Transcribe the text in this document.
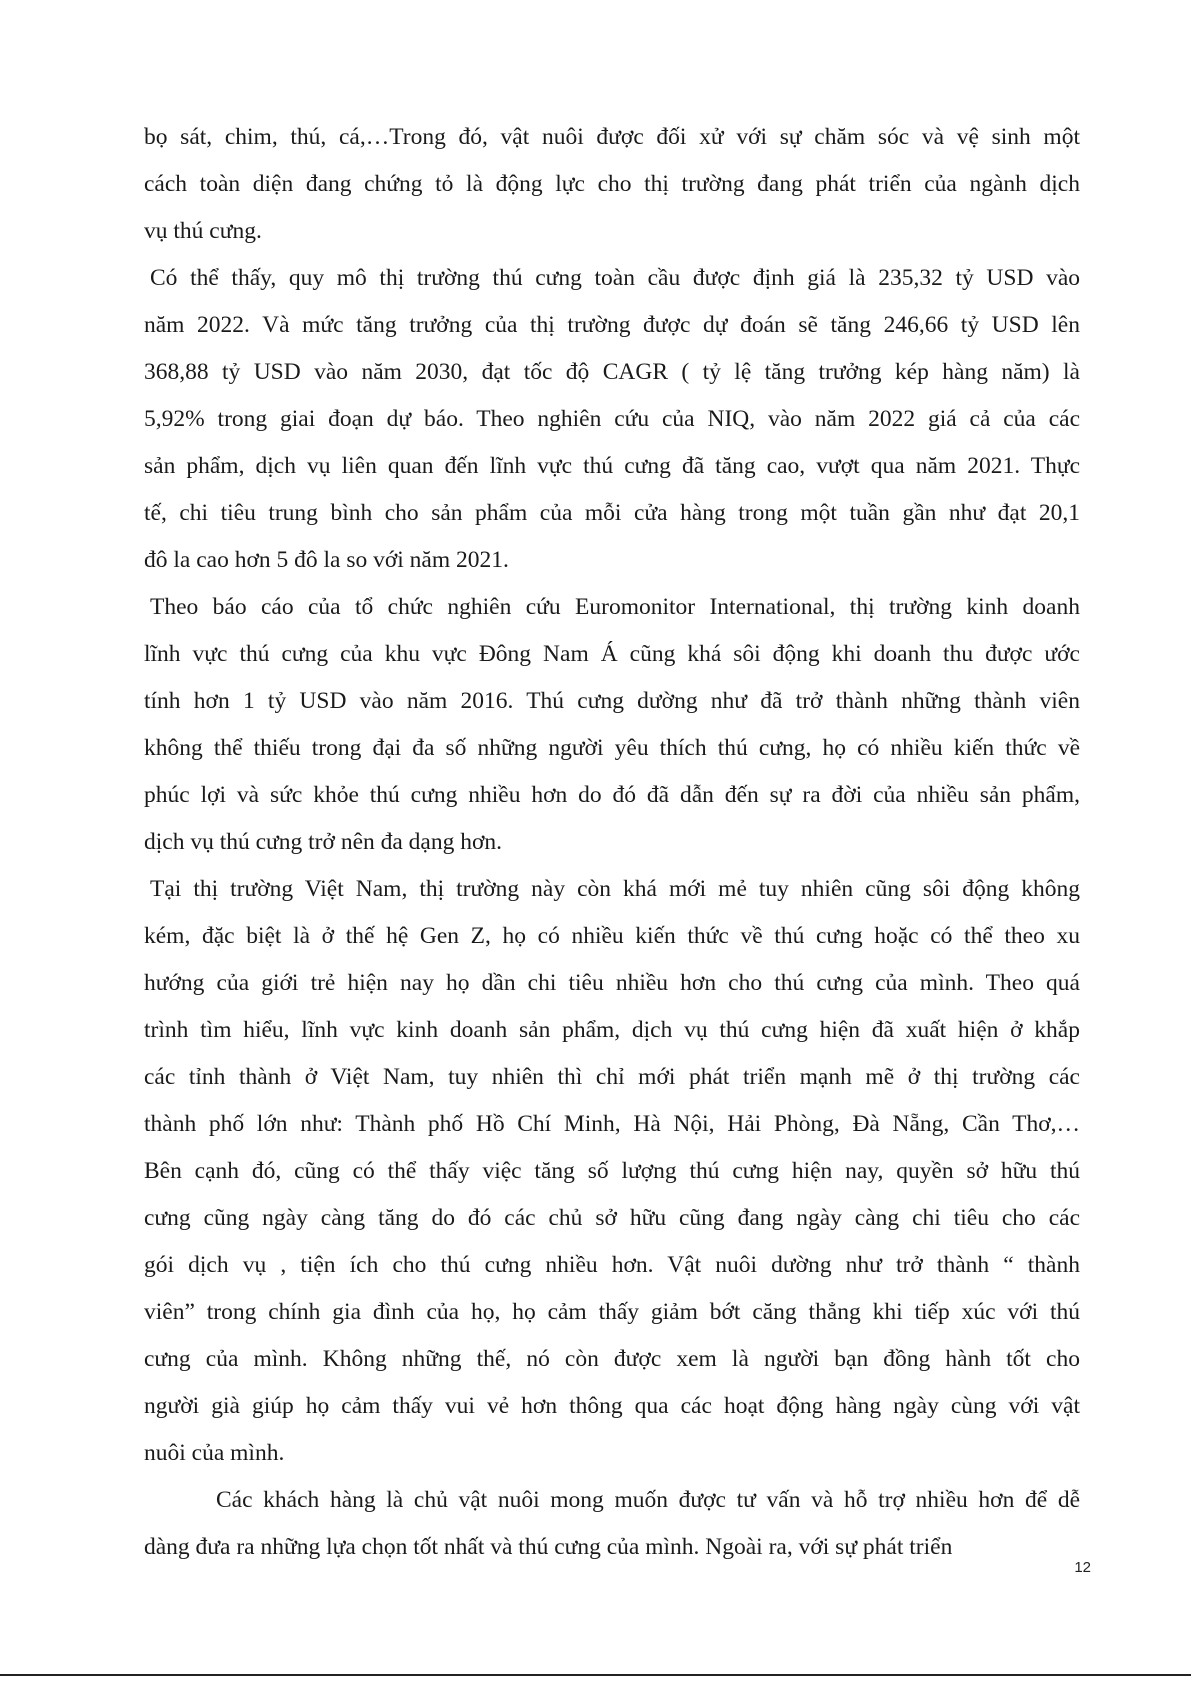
bọ sát, chim, thú, cá,…Trong đó, vật nuôi được đối xử với sự chăm sóc và vệ sinh một
cách toàn diện đang chứng tỏ là động lực cho thị trường đang phát triển của ngành dịch
vụ thú cưng.
Có thể thấy, quy mô thị trường thú cưng toàn cầu được định giá là 235,32 tỷ USD vào
năm 2022. Và mức tăng trưởng của thị trường được dự đoán sẽ tăng 246,66 tỷ USD lên
368,88 tỷ USD vào năm 2030, đạt tốc độ CAGR ( tỷ lệ tăng trưởng kép hàng năm) là
5,92% trong giai đoạn dự báo. Theo nghiên cứu của NIQ, vào năm 2022 giá cả của các
sản phẩm, dịch vụ liên quan đến lĩnh vực thú cưng đã tăng cao, vượt qua năm 2021. Thực
tế, chi tiêu trung bình cho sản phẩm của mỗi cửa hàng trong một tuần gần như đạt 20,1
đô la cao hơn 5 đô la so với năm 2021.
Theo báo cáo của tổ chức nghiên cứu Euromonitor International, thị trường kinh doanh
lĩnh vực thú cưng của khu vực Đông Nam Á cũng khá sôi động khi doanh thu được ước
tính hơn 1 tỷ USD vào năm 2016. Thú cưng dường như đã trở thành những thành viên
không thể thiếu trong đại đa số những người yêu thích thú cưng, họ có nhiều kiến thức về
phúc lợi và sức khỏe thú cưng nhiều hơn do đó đã dẫn đến sự ra đời của nhiều sản phẩm,
dịch vụ thú cưng trở nên đa dạng hơn.
Tại thị trường Việt Nam, thị trường này còn khá mới mẻ tuy nhiên cũng sôi động không
kém, đặc biệt là ở thế hệ Gen Z, họ có nhiều kiến thức về thú cưng hoặc có thể theo xu
hướng của giới trẻ hiện nay họ dần chi tiêu nhiều hơn cho thú cưng của mình. Theo quá
trình tìm hiểu, lĩnh vực kinh doanh sản phẩm, dịch vụ thú cưng hiện đã xuất hiện ở khắp
các tỉnh thành ở Việt Nam, tuy nhiên thì chỉ mới phát triển mạnh mẽ ở thị trường các
thành phố lớn như: Thành phố Hồ Chí Minh, Hà Nội, Hải Phòng, Đà Nẵng, Cần Thơ,…
Bên cạnh đó, cũng có thể thấy việc tăng số lượng thú cưng hiện nay, quyền sở hữu thú
cưng cũng ngày càng tăng do đó các chủ sở hữu cũng đang ngày càng chi tiêu cho các
gói dịch vụ , tiện ích cho thú cưng nhiều hơn. Vật nuôi dường như trở thành “ thành
viên” trong chính gia đình của họ, họ cảm thấy giảm bớt căng thẳng khi tiếp xúc với thú
cưng của mình. Không những thế, nó còn được xem là người bạn đồng hành tốt cho
người già giúp họ cảm thấy vui vẻ hơn thông qua các hoạt động hàng ngày cùng với vật
nuôi của mình.
Các khách hàng là chủ vật nuôi mong muốn được tư vấn và hỗ trợ nhiều hơn để dễ
dàng đưa ra những lựa chọn tốt nhất và thú cưng của mình. Ngoài ra, với sự phát triển
12
